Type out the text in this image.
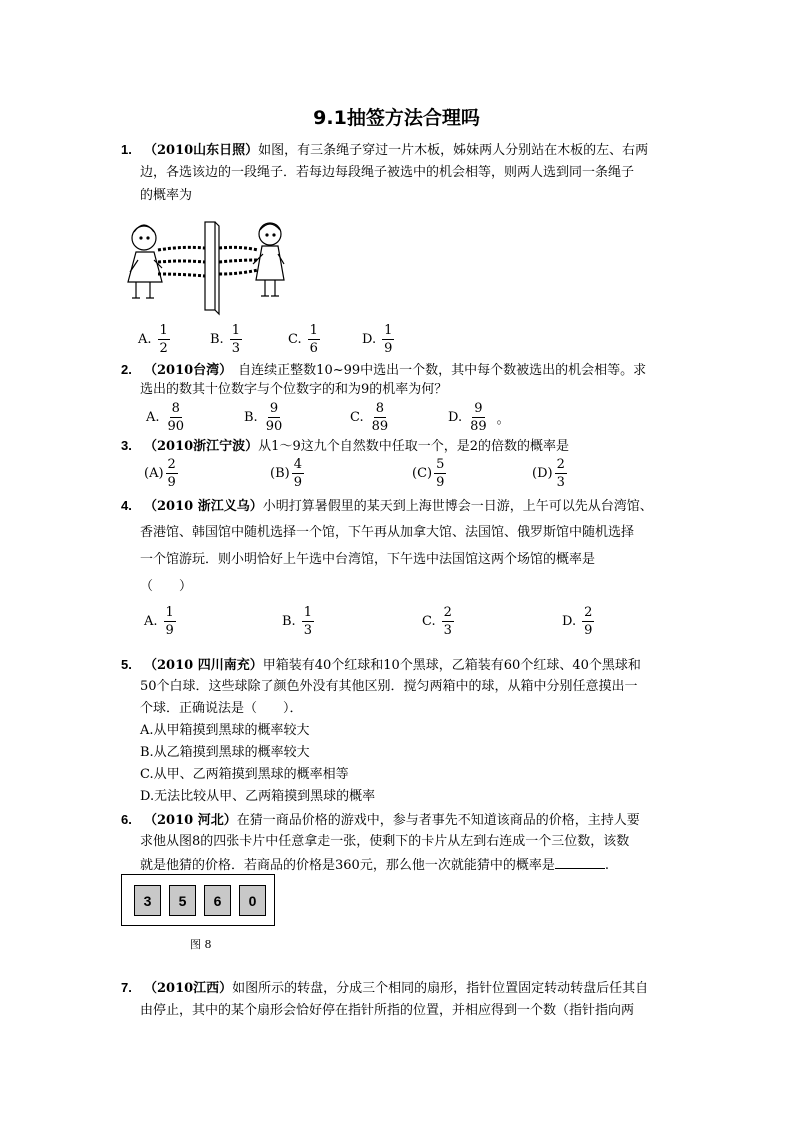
9.1抽签方法合理吗
1. （2010山东日照）如图，有三条绳子穿过一片木板，姊妹两人分别站在木板的左、右两
边，各选该边的一段绳子．若每边每段绳子被选中的机会相等，则两人选到同一条绳子
的概率为
A. $\frac{1}{2}$	B. $\frac{1}{3}$	C. $\frac{1}{6}$	D. $\frac{1}{9}$
2. （2010台湾） 自连续正整数10~99中选出一个数，其中每个数被选出的机会相等。求
选出的数其十位数字与个位数字的和为9的机率为何？
A. $\frac{8}{90}$	B. $\frac{9}{90}$	C. $\frac{8}{89}$	D. $\frac{9}{89}$ 。
3. （2010浙江宁波）从1～9这九个自然数中任取一个，是2的倍数的概率是
$(A) \frac{2}{9}$	$(B) \frac{4}{9}$	$(C) \frac{5}{9}$	$(D) \frac{2}{3}$
4. （2010 浙江义乌）小明打算暑假里的某天到上海世博会一日游，上午可以先从台湾馆、
香港馆、韩国馆中随机选择一个馆，下午再从加拿大馆、法国馆、俄罗斯馆中随机选择
一个馆游玩．则小明恰好上午选中台湾馆，下午选中法国馆这两个场馆的概率是
（　　）
A. $\frac{1}{9}$	B. $\frac{1}{3}$	C. $\frac{2}{3}$	D. $\frac{2}{9}$
5. （2010 四川南充）甲箱装有40个红球和10个黑球，乙箱装有60个红球、40个黑球和
50个白球．这些球除了颜色外没有其他区别．搅匀两箱中的球，从箱中分别任意摸出一
个球．正确说法是（　　）．
A.从甲箱摸到黑球的概率较大
B.从乙箱摸到黑球的概率较大
C.从甲、乙两箱摸到黑球的概率相等
D.无法比较从甲、乙两箱摸到黑球的概率
6. （2010 河北）在猜一商品价格的游戏中，参与者事先不知道该商品的价格，主持人要
求他从图8的四张卡片中任意拿走一张，使剩下的卡片从左到右连成一个三位数，该数
就是他猜的价格．若商品的价格是360元，那么他一次就能猜中的概率是	.
3	5	6	0
图 8
7. （2010江西）如图所示的转盘，分成三个相同的扇形，指针位置固定转动转盘后任其自
由停止，其中的某个扇形会恰好停在指针所指的位置，并相应得到一个数（指针指向两
